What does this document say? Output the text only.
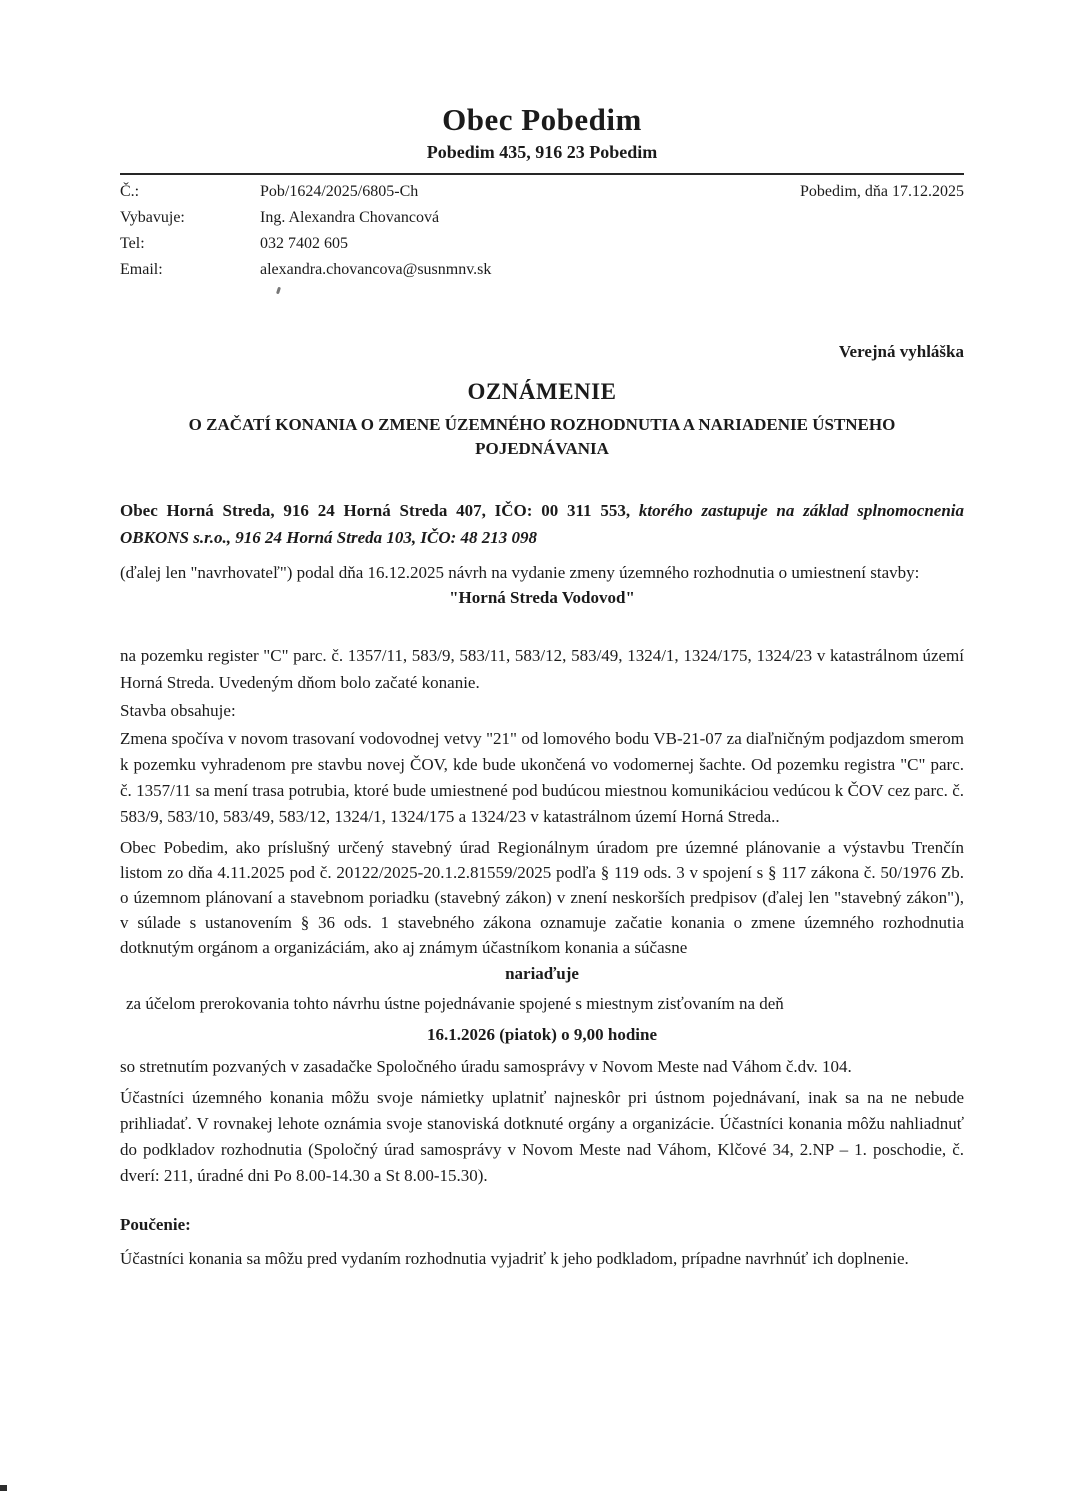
Obec Pobedim
Pobedim 435, 916 23 Pobedim
Č.:	Pob/1624/2025/6805-Ch	Pobedim, dňa 17.12.2025
Vybavuje:	Ing. Alexandra Chovancová
Tel:	032 7402 605
Email:	alexandra.chovancova@susnmnv.sk
Verejná vyhláška
OZNÁMENIE
O ZAČATÍ KONANIA O ZMENE ÚZEMNÉHO ROZHODNUTIA A NARIADENIE ÚSTNEHO POJEDNÁVANIA

Obec Horná Streda, 916 24 Horná Streda 407, IČO: 00 311 553, ktorého zastupuje na základ splnomocnenia OBKONS s.r.o., 916 24 Horná Streda 103, IČO: 48 213 098

(ďalej len "navrhovateľ") podal dňa 16.12.2025 návrh na vydanie zmeny územného rozhodnutia o umiestnení stavby:

"Horná Streda Vodovod"

na pozemku register "C" parc. č. 1357/11, 583/9, 583/11, 583/12, 583/49, 1324/1, 1324/175, 1324/23 v katastrálnom území Horná Streda. Uvedeným dňom bolo začaté konanie.

Stavba obsahuje:

Zmena spočíva v novom trasovaní vodovodnej vetvy "21" od lomového bodu VB-21-07 za diaľničným podjazdom smerom k pozemku vyhradenom pre stavbu novej ČOV, kde bude ukončená vo vodomernej šachte. Od pozemku registra "C" parc. č. 1357/11 sa mení trasa potrubia, ktoré bude umiestnené pod budúcou miestnou komunikáciou vedúcou k ČOV cez parc. č. 583/9, 583/10, 583/49, 583/12, 1324/1, 1324/175 a 1324/23 v katastrálnom území Horná Streda..

Obec Pobedim, ako príslušný určený stavebný úrad Regionálnym úradom pre územné plánovanie a výstavbu Trenčín listom zo dňa 4.11.2025 pod č. 20122/2025-20.1.2.81559/2025 podľa § 119 ods. 3 v spojení s § 117 zákona č. 50/1976 Zb. o územnom plánovaní a stavebnom poriadku (stavebný zákon) v znení neskorších predpisov (ďalej len "stavebný zákon"), v súlade s ustanovením § 36 ods. 1 stavebného zákona oznamuje začatie konania o zmene územného rozhodnutia dotknutým orgánom a organizáciám, ako aj známym účastníkom konania a súčasne

nariaďuje

za účelom prerokovania tohto návrhu ústne pojednávanie spojené s miestnym zisťovaním na deň

16.1.2026 (piatok) o 9,00 hodine

so stretnutím pozvaných v zasadačke Spoločného úradu samosprávy v Novom Meste nad Váhom č.dv. 104.

Účastníci územného konania môžu svoje námietky uplatniť najneskôr pri ústnom pojednávaní, inak sa na ne nebude prihliadať. V rovnakej lehote oznámia svoje stanoviská dotknuté orgány a organizácie. Účastníci konania môžu nahliadnuť do podkladov rozhodnutia (Spoločný úrad samosprávy v Novom Meste nad Váhom, Klčové 34, 2.NP – 1. poschodie, č. dverí: 211, úradné dni Po 8.00-14.30 a St 8.00-15.30).

Poučenie:

Účastníci konania sa môžu pred vydaním rozhodnutia vyjadriť k jeho podkladom, prípadne navrhnúť ich doplnenie.
